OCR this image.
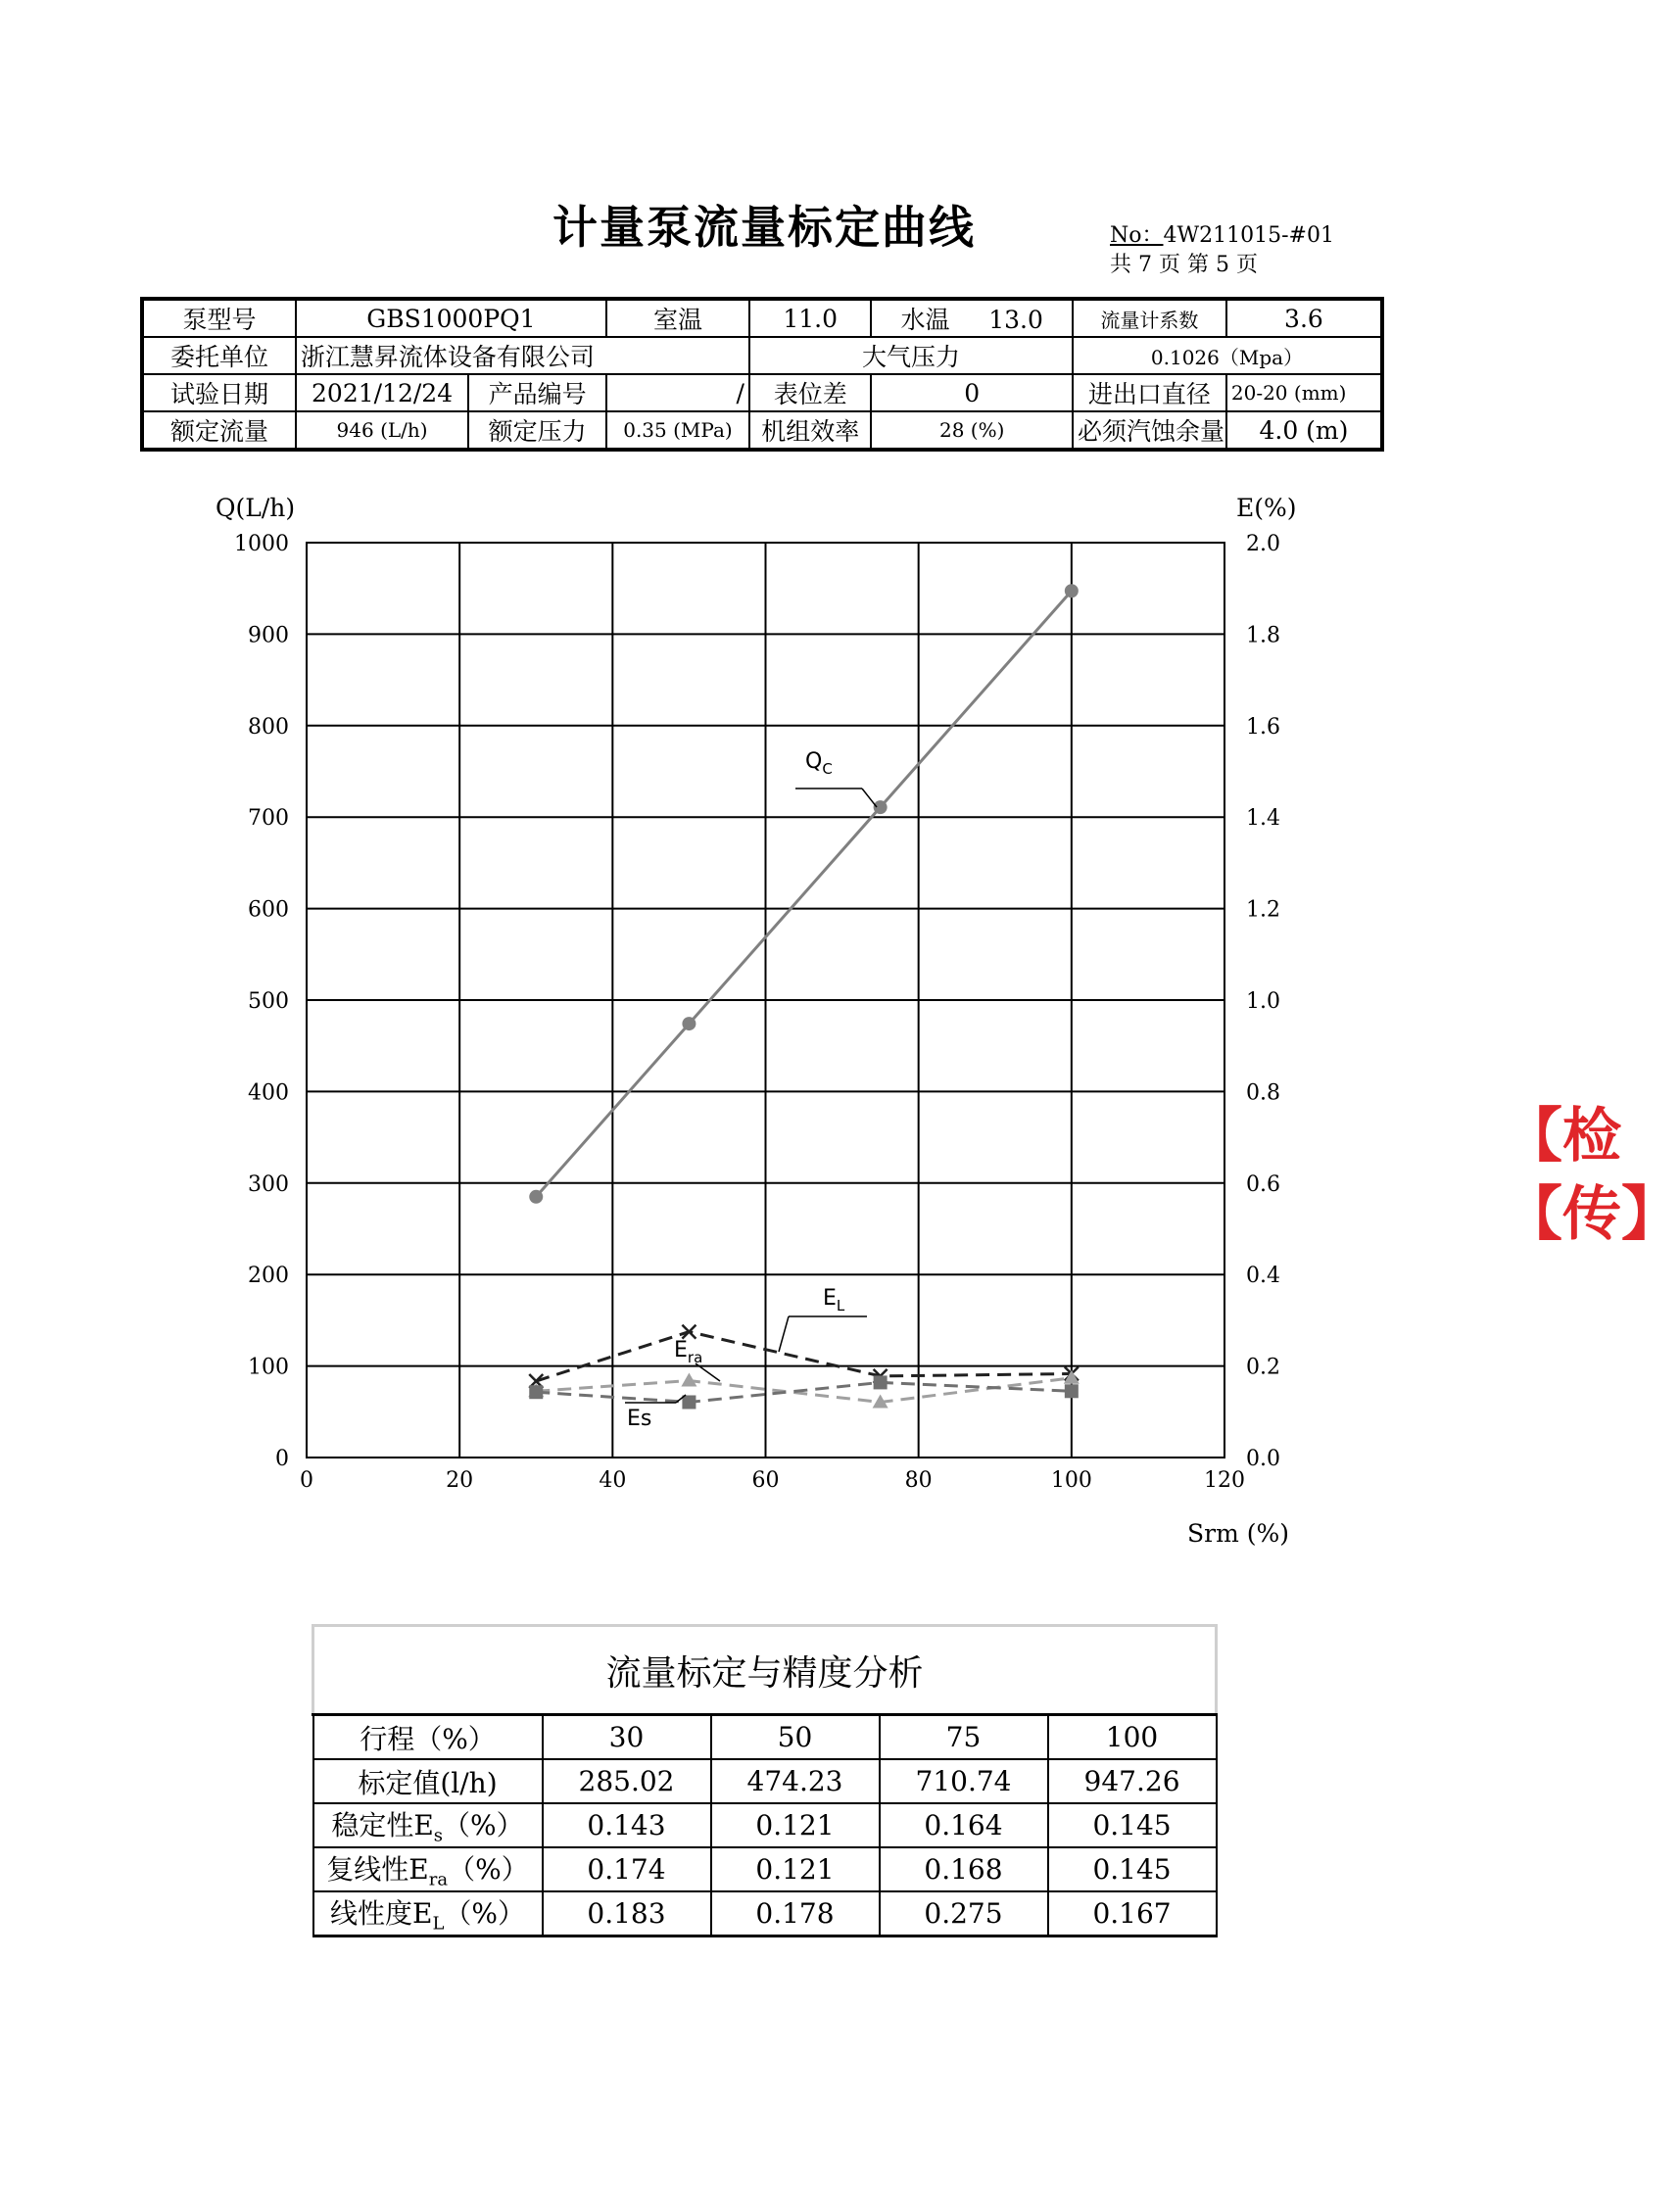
计量泵流量标定曲线	No：4W211015-#01
共 7 页 第 5 页
泵型号	GBS1000PQ1		室温	11.0	水温 13.0	流量计系数	3.6
委托单位	浙江慧昇流体设备有限公司			大气压力		0.1026（Mpa）	
试验日期	2021/12/24	产品编号	/	表位差	0	进出口直径	20-20 (mm)
额定流量	946 (L/h)	额定压力	0.35 (MPa)	机组效率	28 (%)	必须汽蚀余量	4.0 (m)
0	20	40	60	80	100	120
0
100
200
300
400
500
600
700
800
900
1000
0.0
0.2
0.4
0.6
0.8
1.0
1.2
1.4
1.6
1.8
2.0
Q(L/h)	E(%)
Srm (%)
$Q_C$
$E_L$
$E_{ra}$
Es
【检【传】
流量标定与精度分析				
行程（%）	30	50	75	100
标定值(l/h)	285.02	474.23	710.74	947.26
稳定性$E_s(\%)$	0.143	0.121	0.164	0.145
复线性$E_{ra}(\%)$	0.174	0.121	0.168	0.145
线性度$E_L(\%)$	0.183	0.178	0.275	0.167
